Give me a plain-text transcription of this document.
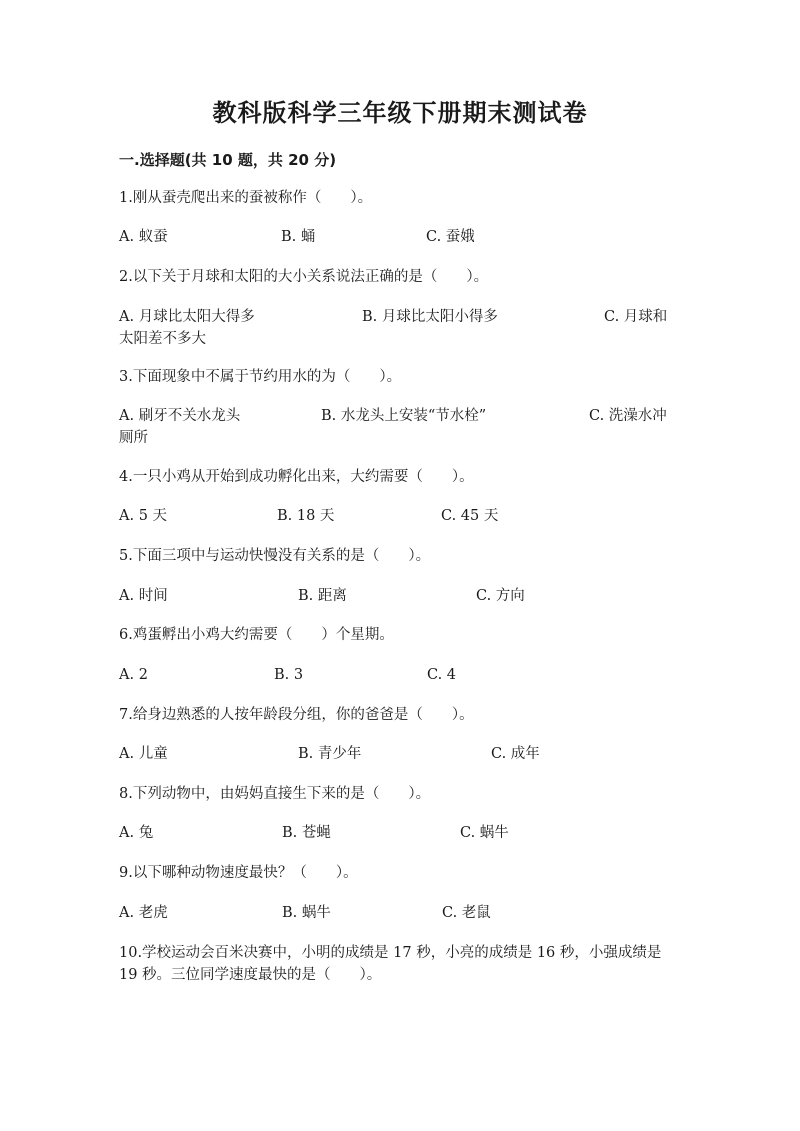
教科版科学三年级下册期末测试卷
一.选择题(共 10 题，共 20 分)
1.刚从蚕壳爬出来的蚕被称作（　　）。
A. 蚁蚕	B. 蛹	C. 蚕娥
2.以下关于月球和太阳的大小关系说法正确的是（　　）。
A. 月球比太阳大得多	B. 月球比太阳小得多	C. 月球和太阳差不多大
3.下面现象中不属于节约用水的为（　　）。
A. 刷牙不关水龙头	B. 水龙头上安装“节水栓”	C. 洗澡水冲厕所
4.一只小鸡从开始到成功孵化出来，大约需要（　　）。
A. 5 天	B. 18 天	C. 45 天
5.下面三项中与运动快慢没有关系的是（　　）。
A. 时间	B. 距离	C. 方向
6.鸡蛋孵出小鸡大约需要（　　）个星期。
A. 2	B. 3	C. 4
7.给身边熟悉的人按年龄段分组，你的爸爸是（　　）。
A. 儿童	B. 青少年	C. 成年
8.下列动物中，由妈妈直接生下来的是（　　）。
A. 兔	B. 苍蝇	C. 蜗牛
9.以下哪种动物速度最快？（　　）。
A. 老虎	B. 蜗牛	C. 老鼠
10.学校运动会百米决赛中，小明的成绩是 17 秒，小亮的成绩是 16 秒，小强成绩是 19 秒。三位同学速度最快的是（　　）。
